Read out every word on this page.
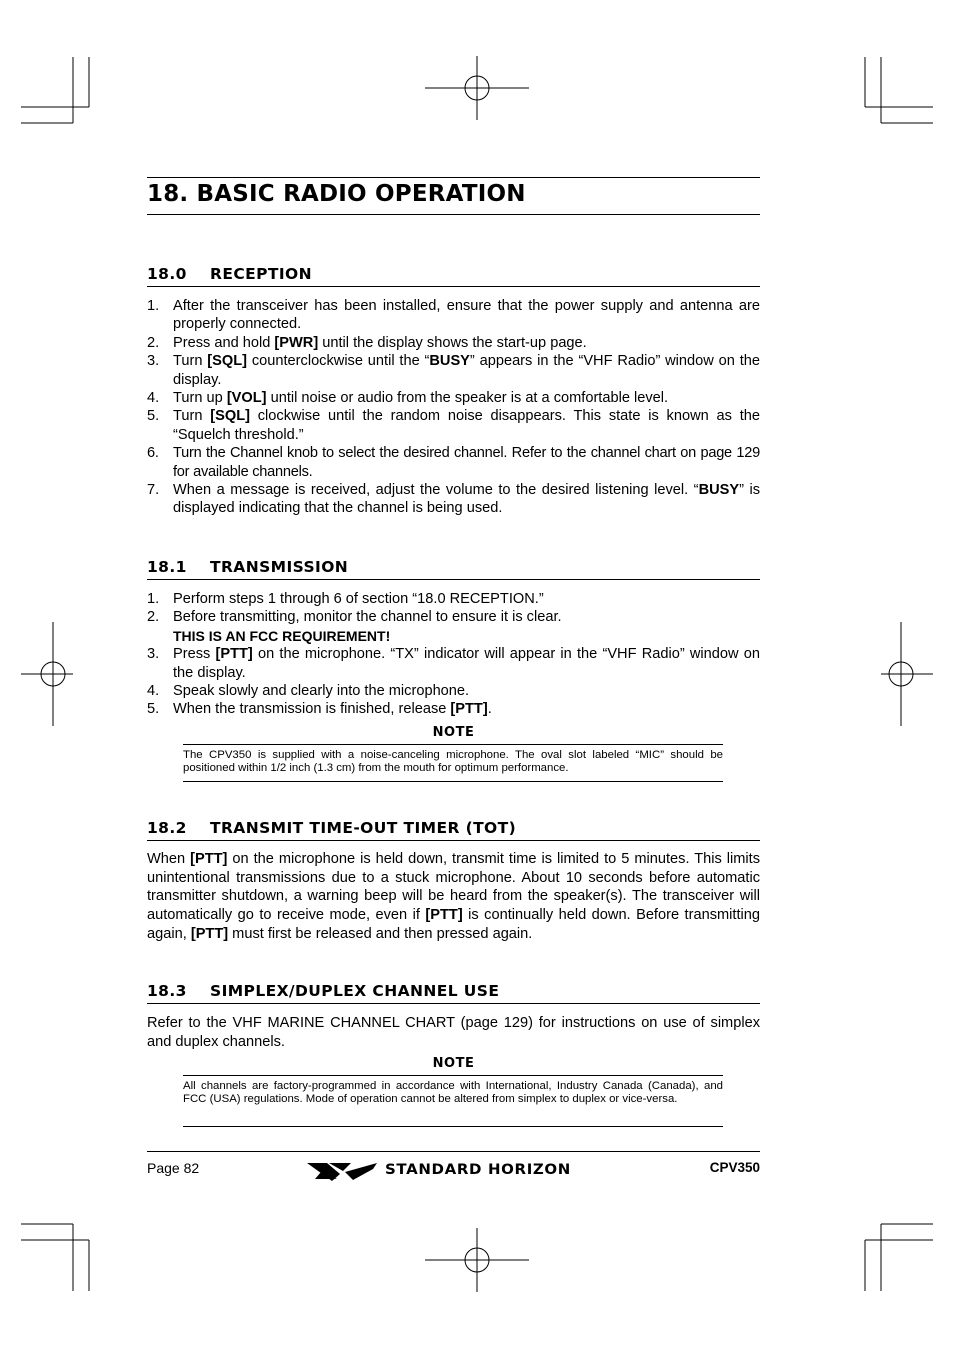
18. BASIC RADIO OPERATION
18.0 RECEPTION
1. After the transceiver has been installed, ensure that the power supply and antenna are properly connected.
2. Press and hold [PWR] until the display shows the start-up page.
3. Turn [SQL] counterclockwise until the “BUSY” appears in the “VHF Radio” window on the display.
4. Turn up [VOL] until noise or audio from the speaker is at a comfortable level.
5. Turn [SQL] clockwise until the random noise disappears. This state is known as the “Squelch threshold.”
6. Turn the Channel knob to select the desired channel. Refer to the channel chart on page 129 for available channels.
7. When a message is received, adjust the volume to the desired listening level. “BUSY” is displayed indicating that the channel is being used.
18.1 TRANSMISSION
1. Perform steps 1 through 6 of section “18.0 RECEPTION.”
2. Before transmitting, monitor the channel to ensure it is clear.
THIS IS AN FCC REQUIREMENT!
3. Press [PTT] on the microphone. “TX” indicator will appear in the “VHF Radio” window on the display.
4. Speak slowly and clearly into the microphone.
5. When the transmission is finished, release [PTT].
NOTE
The CPV350 is supplied with a noise-canceling microphone. The oval slot labeled “MIC” should be positioned within 1/2 inch (1.3 cm) from the mouth for optimum performance.
18.2 TRANSMIT TIME-OUT TIMER (TOT)

When [PTT] on the microphone is held down, transmit time is limited to 5 minutes. This limits unintentional transmissions due to a stuck microphone. About 10 seconds before automatic transmitter shutdown, a warning beep will be heard from the speaker(s). The transceiver will automatically go to receive mode, even if [PTT] is continually held down. Before transmitting again, [PTT] must first be released and then pressed again.

18.3 SIMPLEX/DUPLEX CHANNEL USE

Refer to the VHF MARINE CHANNEL CHART (page 129) for instructions on use of simplex and duplex channels.

NOTE
All channels are factory-programmed in accordance with International, Industry Canada (Canada), and FCC (USA) regulations. Mode of operation cannot be altered from simplex to duplex or vice-versa.
Page 82	STANDARD HORIZON	CPV350
